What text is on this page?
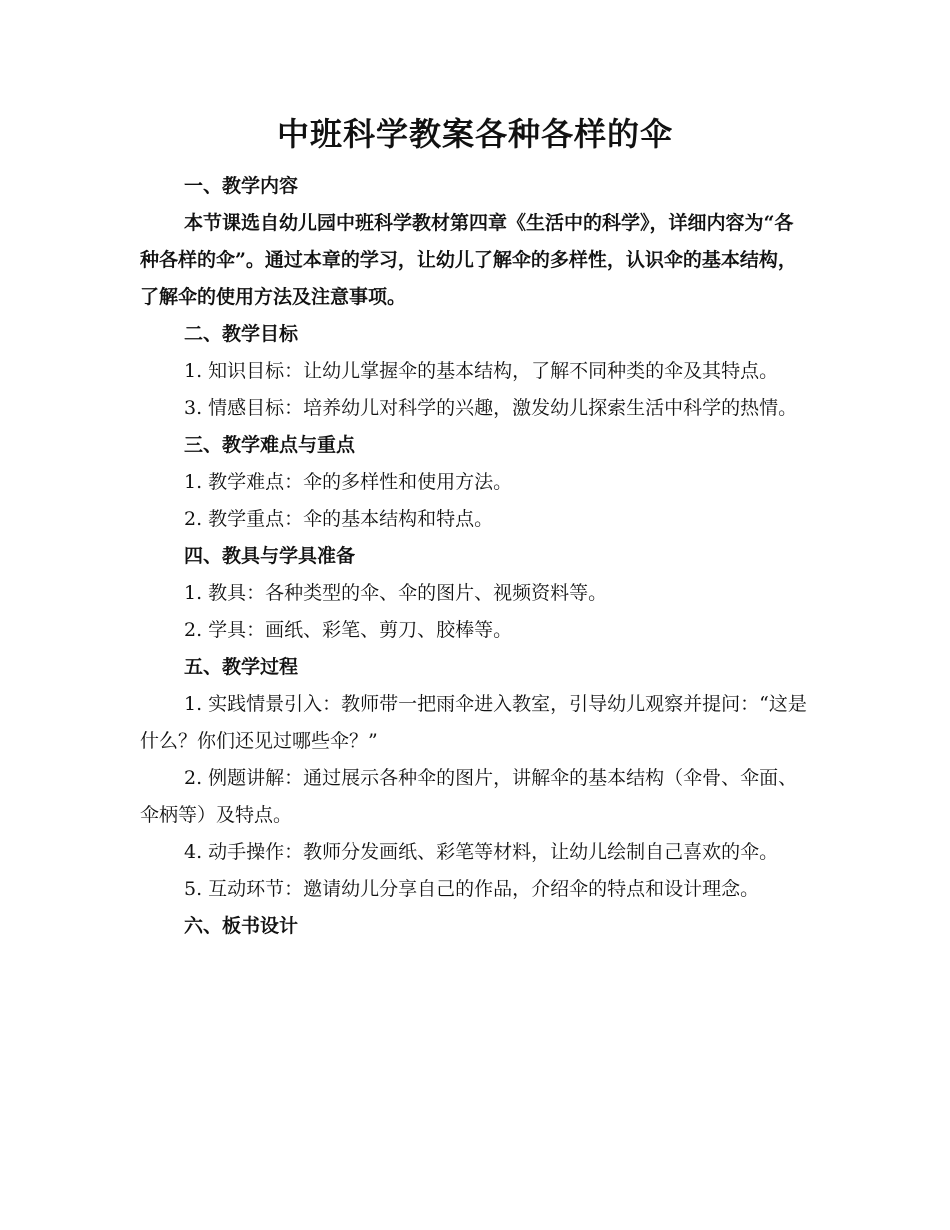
中班科学教案各种各样的伞

一、教学内容

本节课选自幼儿园中班科学教材第四章《生活中的科学》，详细内容为“各种各样的伞”。通过本章的学习，让幼儿了解伞的多样性，认识伞的基本结构，了解伞的使用方法及注意事项。

二、教学目标

1. 知识目标：让幼儿掌握伞的基本结构，了解不同种类的伞及其特点。

3. 情感目标：培养幼儿对科学的兴趣，激发幼儿探索生活中科学的热情。

三、教学难点与重点

1. 教学难点：伞的多样性和使用方法。

2. 教学重点：伞的基本结构和特点。

四、教具与学具准备

1. 教具：各种类型的伞、伞的图片、视频资料等。

2. 学具：画纸、彩笔、剪刀、胶棒等。

五、教学过程

1. 实践情景引入：教师带一把雨伞进入教室，引导幼儿观察并提问：“这是什么？你们还见过哪些伞？”

2. 例题讲解：通过展示各种伞的图片，讲解伞的基本结构（伞骨、伞面、伞柄等）及特点。

4. 动手操作：教师分发画纸、彩笔等材料，让幼儿绘制自己喜欢的伞。

5. 互动环节：邀请幼儿分享自己的作品，介绍伞的特点和设计理念。

六、板书设计
